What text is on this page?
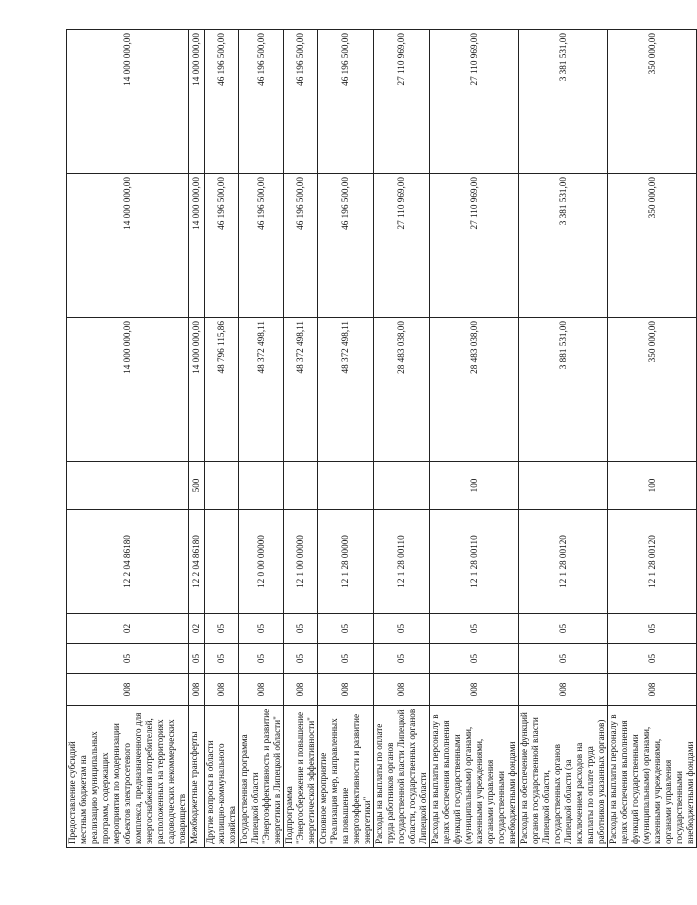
Предоставление субсидий местным бюджетам на реализацию муниципальных программ, содержащих мероприятия по модернизации объектов электросетевого комплекса, предназначенного для энергоснабжения потребителей, расположенных на территориях садоводческих некоммерческих товариществ	008	05	02	12 2 04 86180		14 000 000,00	14 000 000,00	14 000 000,00
Межбюджетные трансферты	008	05	02	12 2 04 86180	500	14 000 000,00	14 000 000,00	14 000 000,00
Другие вопросы в области жилищно-коммунального хозяйства	008	05	05			48 796 115,86	46 196 500,00	46 196 500,00
Государственная программа Липецкой области "Энергоэффективность и развитие энергетики в Липецкой области"	008	05	05	12 0 00 00000		48 372 498,11	46 196 500,00	46 196 500,00
Подпрограмма "Энергосбережение и повышение энергетической эффективности"	008	05	05	12 1 00 00000		48 372 498,11	46 196 500,00	46 196 500,00
Основное мероприятие "Реализация мер, направленных на повышение энергоэффективности и развитие энергетики"	008	05	05	12 1 28 00000		48 372 498,11	46 196 500,00	46 196 500,00
Расходы на выплаты по оплате труда работников органов государственной власти Липецкой области, государственных органов Липецкой области	008	05	05	12 1 28 00110		28 483 038,00	27 110 969,00	27 110 969,00
Расходы на выплаты персоналу в целях обеспечения выполнения функций государственными (муниципальными) органами, казенными учреждениями, органами управления государственными внебюджетными фондами	008	05	05	12 1 28 00110	100	28 483 038,00	27 110 969,00	27 110 969,00
Расходы на обеспечение функций органов государственной власти Липецкой области, государственных органов Липецкой области (за исключением расходов на выплаты по оплате труда работников указанных органов)	008	05	05	12 1 28 00120		3 881 531,00	3 381 531,00	3 381 531,00
Расходы на выплаты персоналу в целях обеспечения выполнения функций государственными (муниципальными) органами, казенными учреждениями, органами управления государственными внебюджетными фондами	008	05	05	12 1 28 00120	100	350 000,00	350 000,00	350 000,00
